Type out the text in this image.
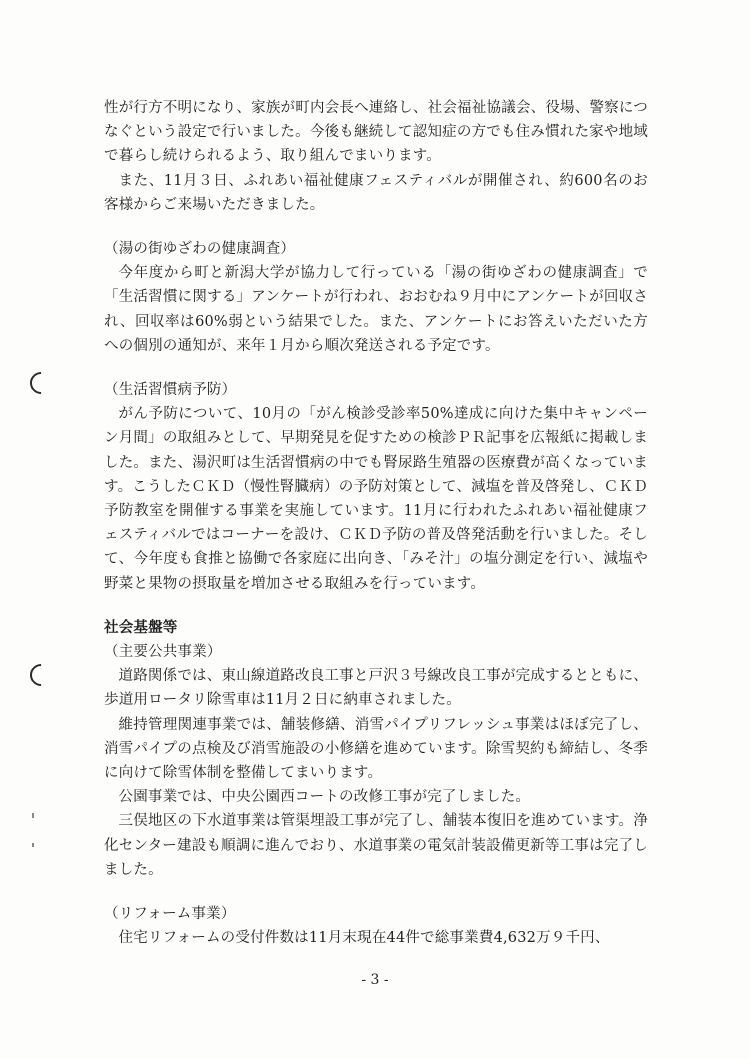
性が行方不明になり、家族が町内会長へ連絡し、社会福祉協議会、役場、警察につなぐという設定で行いました。今後も継続して認知症の方でも住み慣れた家や地域で暮らし続けられるよう、取り組んでまいります。

また、11月３日、ふれあい福祉健康フェスティバルが開催され、約600名のお客様からご来場いただきました。

（湯の街ゆざわの健康調査）

今年度から町と新潟大学が協力して行っている「湯の街ゆざわの健康調査」で「生活習慣に関する」アンケートが行われ、おおむね９月中にアンケートが回収され、回収率は60%弱という結果でした。また、アンケートにお答えいただいた方への個別の通知が、来年１月から順次発送される予定です。

（生活習慣病予防）

がん予防について、10月の「がん検診受診率50%達成に向けた集中キャンペーン月間」の取組みとして、早期発見を促すための検診ＰＲ記事を広報紙に掲載しました。また、湯沢町は生活習慣病の中でも腎尿路生殖器の医療費が高くなっています。こうしたＣＫＤ（慢性腎臓病）の予防対策として、減塩を普及啓発し、ＣＫＤ予防教室を開催する事業を実施しています。11月に行われたふれあい福祉健康フェスティバルではコーナーを設け、ＣＫＤ予防の普及啓発活動を行いました。そして、今年度も食推と協働で各家庭に出向き、「みそ汁」の塩分測定を行い、減塩や野菜と果物の摂取量を増加させる取組みを行っています。

社会基盤等

（主要公共事業）

道路関係では、東山線道路改良工事と戸沢３号線改良工事が完成するとともに、歩道用ロータリ除雪車は11月２日に納車されました。

維持管理関連事業では、舗装修繕、消雪パイプリフレッシュ事業はほぼ完了し、消雪パイプの点検及び消雪施設の小修繕を進めています。除雪契約も締結し、冬季に向けて除雪体制を整備してまいります。

公園事業では、中央公園西コートの改修工事が完了しました。

三俣地区の下水道事業は管渠埋設工事が完了し、舗装本復旧を進めています。浄化センター建設も順調に進んでおり、水道事業の電気計装設備更新等工事は完了しました。

（リフォーム事業）

住宅リフォームの受付件数は11月末現在44件で総事業費4,632万９千円、

- 3 -
